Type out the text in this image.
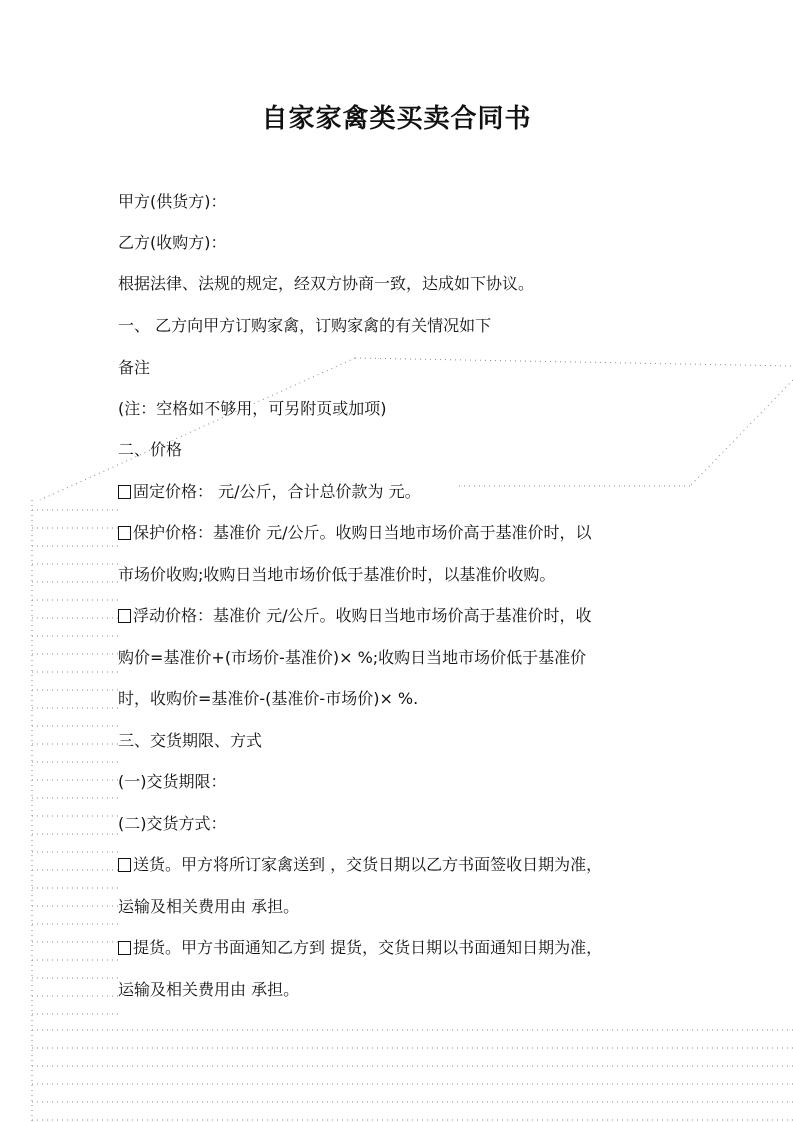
自家家禽类买卖合同书

甲方(供货方)：

乙方(收购方)：

根据法律、法规的规定，经双方协商一致，达成如下协议。

一、 乙方向甲方订购家禽，订购家禽的有关情况如下

备注

(注：空格如不够用，可另附页或加项)

二、价格

固定价格： 元/公斤，合计总价款为 元。

保护价格：基准价 元/公斤。收购日当地市场价高于基准价时，以

市场价收购;收购日当地市场价低于基准价时，以基准价收购。

浮动价格：基准价 元/公斤。收购日当地市场价高于基准价时，收

购价=基准价+(市场价-基准价)× %;收购日当地市场价低于基准价

时，收购价=基准价-(基准价-市场价)× %.

三、交货期限、方式

(一)交货期限：

(二)交货方式：

送货。甲方将所订家禽送到 ，交货日期以乙方书面签收日期为准，

运输及相关费用由 承担。

提货。甲方书面通知乙方到 提货，交货日期以书面通知日期为准，

运输及相关费用由 承担。
